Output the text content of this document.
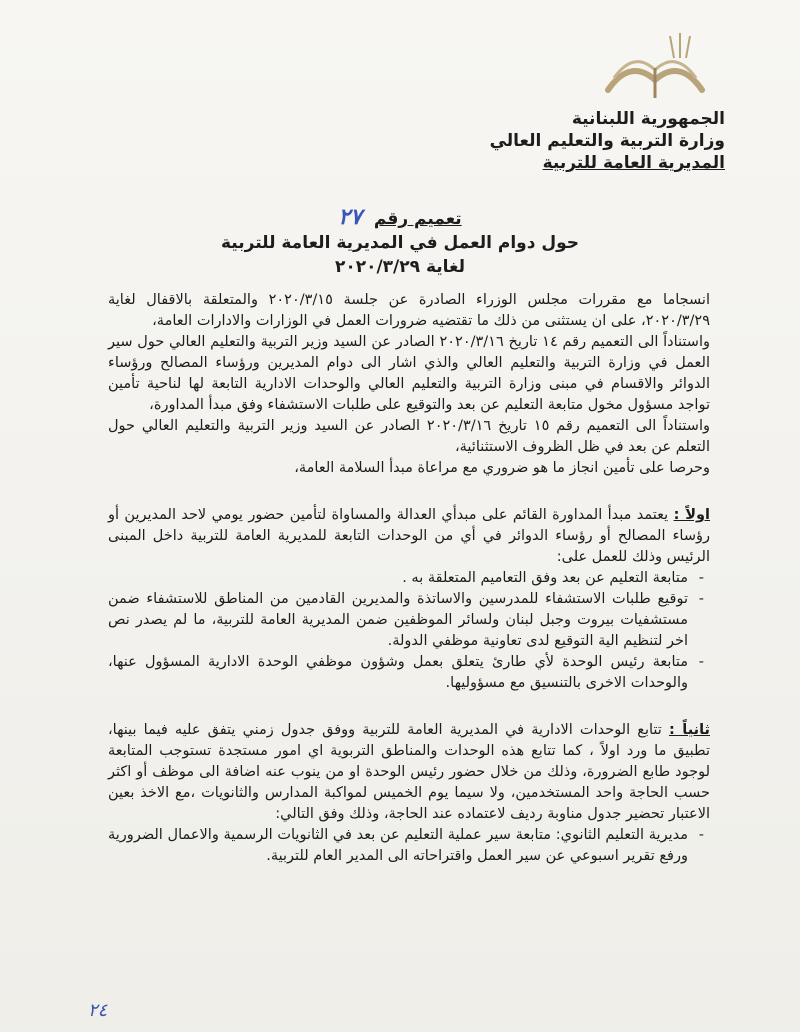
الجمهورية اللبنانية
وزارة التربية والتعليم العالي
المديرية العامة للتربية
تعميم رقم ٢٧
حول دوام العمل في المديرية العامة للتربية
لغاية ٢٠٢٠/٣/٢٩

انسجاما مع مقررات مجلس الوزراء الصادرة عن جلسة ٢٠٢٠/٣/١٥ والمتعلقة بالاقفال لغاية ٢٠٢٠/٣/٢٩، على ان يستثنى من ذلك ما تقتضيه ضرورات العمل في الوزارات والادارات العامة،

واستناداً الى التعميم رقم ١٤ تاريخ ٢٠٢٠/٣/١٦ الصادر عن السيد وزير التربية والتعليم العالي حول سير العمل في وزارة التربية والتعليم العالي والذي اشار الى دوام المديرين ورؤساء المصالح ورؤساء الدوائر والاقسام في مبنى وزارة التربية والتعليم العالي والوحدات الادارية التابعة لها لناحية تأمين تواجد مسؤول مخول متابعة التعليم عن بعد والتوقيع على طلبات الاستشفاء وفق مبدأ المداورة،

واستناداً الى التعميم رقم ١٥ تاريخ ٢٠٢٠/٣/١٦ الصادر عن السيد وزير التربية والتعليم العالي حول التعلم عن بعد في ظل الظروف الاستثنائية،

وحرصا على تأمين انجاز ما هو ضروري مع مراعاة مبدأ السلامة العامة،

اولاً : يعتمد مبدأ المداورة القائم على مبدأي العدالة والمساواة لتأمين حضور يومي لاحد المديرين أو رؤساء المصالح أو رؤساء الدوائر في أي من الوحدات التابعة للمديرية العامة للتربية داخل المبنى الرئيس وذلك للعمل على:

- متابعة التعليم عن بعد وفق التعاميم المتعلقة به .
- توقيع طلبات الاستشفاء للمدرسين والاساتذة والمديرين القادمين من المناطق للاستشفاء ضمن مستشفيات بيروت وجبل لبنان ولسائر الموظفين ضمن المديرية العامة للتربية، ما لم يصدر نص اخر لتنظيم الية التوقيع لدى تعاونية موظفي الدولة.
- متابعة رئيس الوحدة لأي طارئ يتعلق بعمل وشؤون موظفي الوحدة الادارية المسؤول عنها، والوحدات الاخرى بالتنسيق مع مسؤوليها.

ثانياً : تتابع الوحدات الادارية في المديرية العامة للتربية ووفق جدول زمني يتفق عليه فيما بينها، تطبيق ما ورد اولاً ، كما تتابع هذه الوحدات والمناطق التربوية اي امور مستجدة تستوجب المتابعة لوجود طابع الضرورة، وذلك من خلال حضور رئيس الوحدة او من ينوب عنه اضافة الى موظف أو اكثر حسب الحاجة واحد المستخدمين، ولا سيما يوم الخميس لمواكبة المدارس والثانويات ،مع الاخذ بعين الاعتبار تحضير جدول مناوبة رديف لاعتماده عند الحاجة، وذلك وفق التالي:

- مديرية التعليم الثانوي: متابعة سير عملية التعليم عن بعد في الثانويات الرسمية والاعمال الضرورية ورفع تقرير اسبوعي عن سير العمل واقتراحاته الى المدير العام للتربية.
٢٤
